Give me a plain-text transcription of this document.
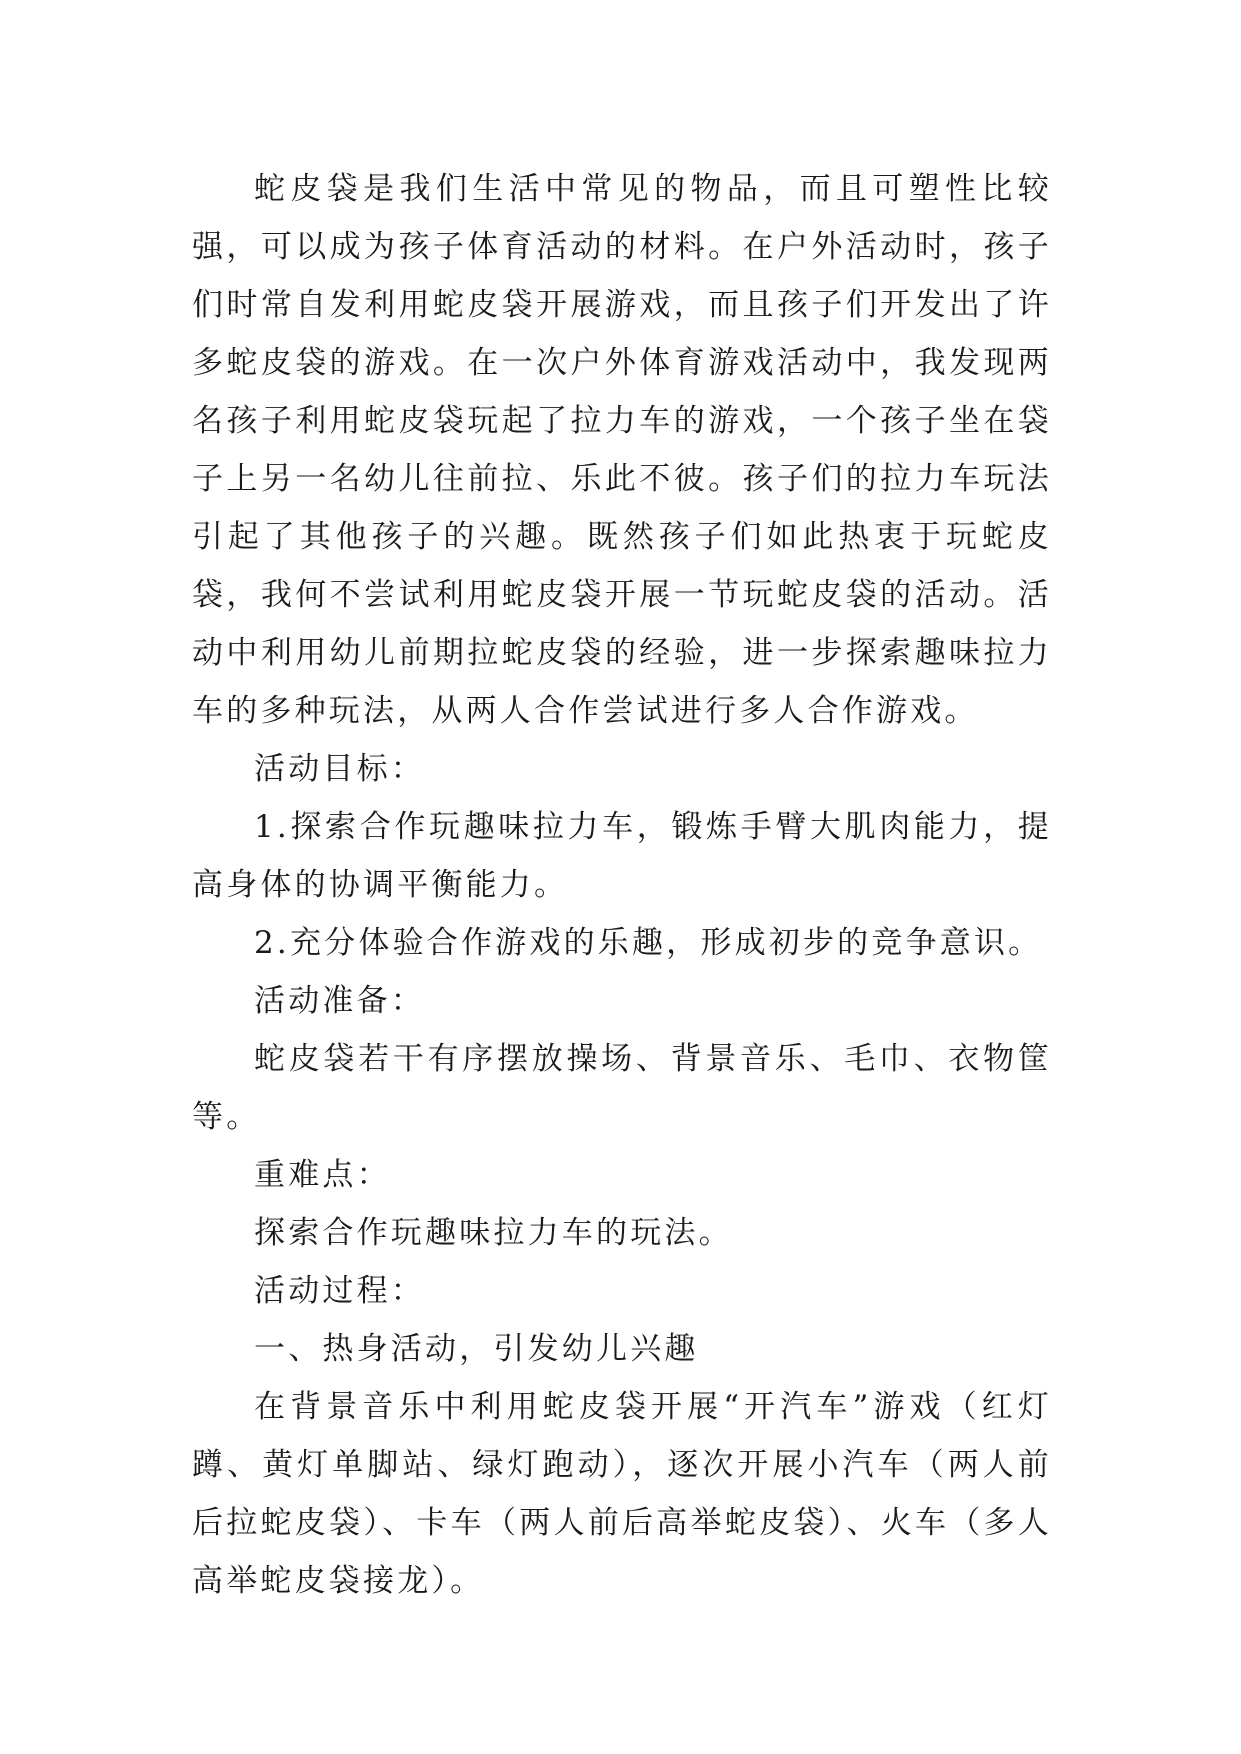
蛇皮袋是我们生活中常见的物品，而且可塑性比较强，可以成为孩子体育活动的材料。在户外活动时，孩子们时常自发利用蛇皮袋开展游戏，而且孩子们开发出了许多蛇皮袋的游戏。在一次户外体育游戏活动中，我发现两名孩子利用蛇皮袋玩起了拉力车的游戏，一个孩子坐在袋子上另一名幼儿往前拉、乐此不彼。孩子们的拉力车玩法引起了其他孩子的兴趣。既然孩子们如此热衷于玩蛇皮袋，我何不尝试利用蛇皮袋开展一节玩蛇皮袋的活动。活动中利用幼儿前期拉蛇皮袋的经验，进一步探索趣味拉力车的多种玩法，从两人合作尝试进行多人合作游戏。

活动目标：

1.探索合作玩趣味拉力车，锻炼手臂大肌肉能力，提高身体的协调平衡能力。

2.充分体验合作游戏的乐趣，形成初步的竞争意识。

活动准备：

蛇皮袋若干有序摆放操场、背景音乐、毛巾、衣物筐等。

重难点：

探索合作玩趣味拉力车的玩法。

活动过程：

一、热身活动，引发幼儿兴趣

在背景音乐中利用蛇皮袋开展“开汽车”游戏（红灯蹲、黄灯单脚站、绿灯跑动），逐次开展小汽车（两人前后拉蛇皮袋）、卡车（两人前后高举蛇皮袋）、火车（多人高举蛇皮袋接龙）。
